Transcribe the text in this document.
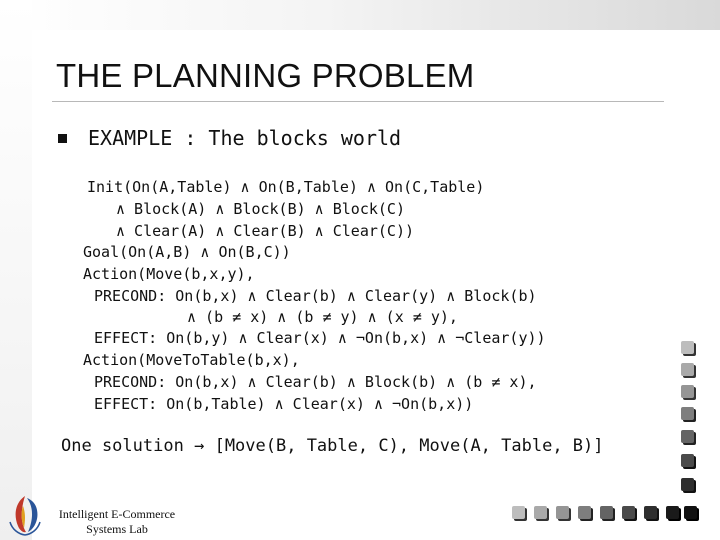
THE PLANNING PROBLEM
EXAMPLE : The blocks world
Init(On(A,Table) ∧ On(B,Table) ∧ On(C,Table)
∧ Block(A) ∧ Block(B) ∧ Block(C)
∧ Clear(A) ∧ Clear(B) ∧ Clear(C))
Goal(On(A,B) ∧ On(B,C))
Action(Move(b,x,y),
PRECOND: On(b,x) ∧ Clear(b) ∧ Clear(y) ∧ Block(b)
∧ (b ≠ x) ∧ (b ≠ y) ∧ (x ≠ y),
EFFECT: On(b,y) ∧ Clear(x) ∧ ¬On(b,x) ∧ ¬Clear(y))
Action(MoveToTable(b,x),
PRECOND: On(b,x) ∧ Clear(b) ∧ Block(b) ∧ (b ≠ x),
EFFECT: On(b,Table) ∧ Clear(x) ∧ ¬On(b,x))
One solution → [Move(B, Table, C), Move(A, Table, B)]
Intelligent E-Commerce
Systems Lab
